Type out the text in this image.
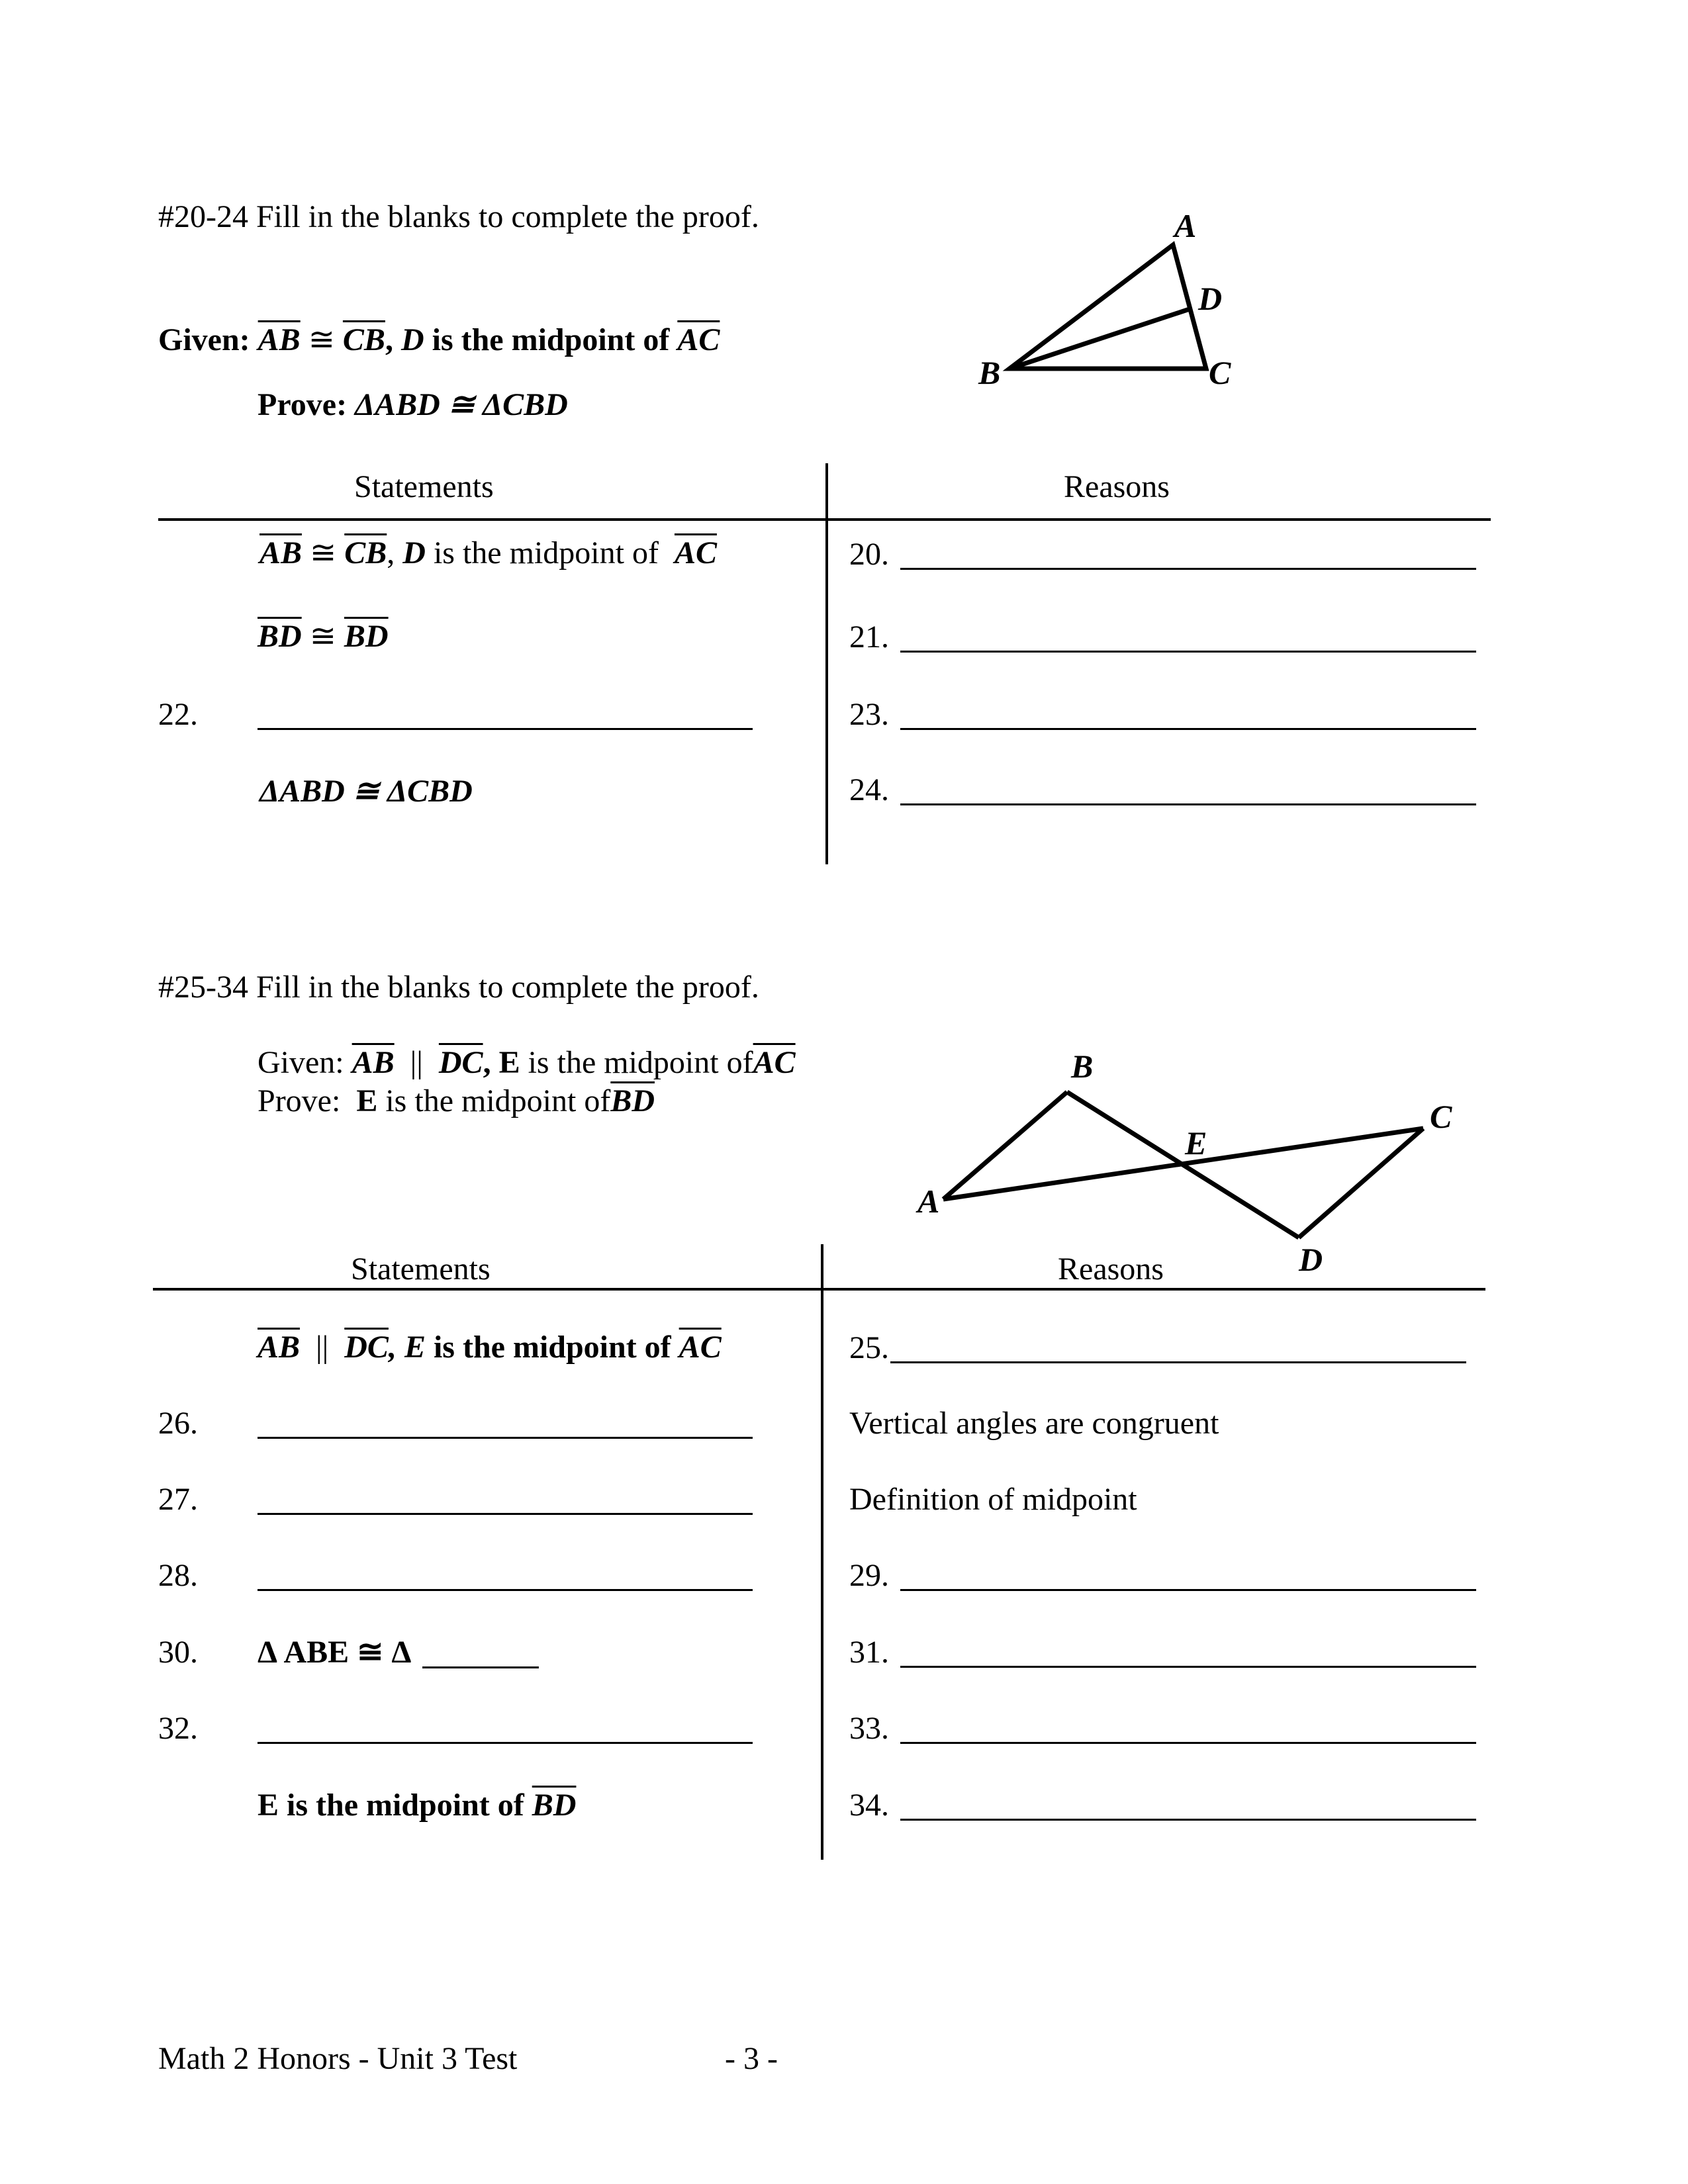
#20-24 Fill in the blanks to complete the proof.
Given: $\overline{AB}$ ≅ $\overline{CB}$, D is the midpoint of $\overline{AC}$
Prove: ΔABD ≅ ΔCBD
A
D
B	C
Statements	Reasons
$\overline{AB}$ ≅ $\overline{CB}$, D is the midpoint of  $\overline{AC}$	20.
$\overline{BD}$ ≅ $\overline{BD}$	21.
22.	23.
ΔABD ≅ ΔCBD	24.
#25-34 Fill in the blanks to complete the proof.
Given: $\overline{AB}$  ||  $\overline{DC}$, E is the midpoint $of\overline{AC}$
Prove:  E is the midpoint $of\overline{BD}$
A
B
E
C
D
Statements	Reasons
$\overline{AB}$  ||  $\overline{DC}$, E is the midpoint of $\overline{AC}$	25.
26.	Vertical angles are congruent
27.	Definition of midpoint
28.	29.
30. Δ ABE ≅ Δ	31.
32.	33.
E is the midpoint of $\overline{BD}$	34.
Math 2 Honors - Unit 3 Test	- 3 -
